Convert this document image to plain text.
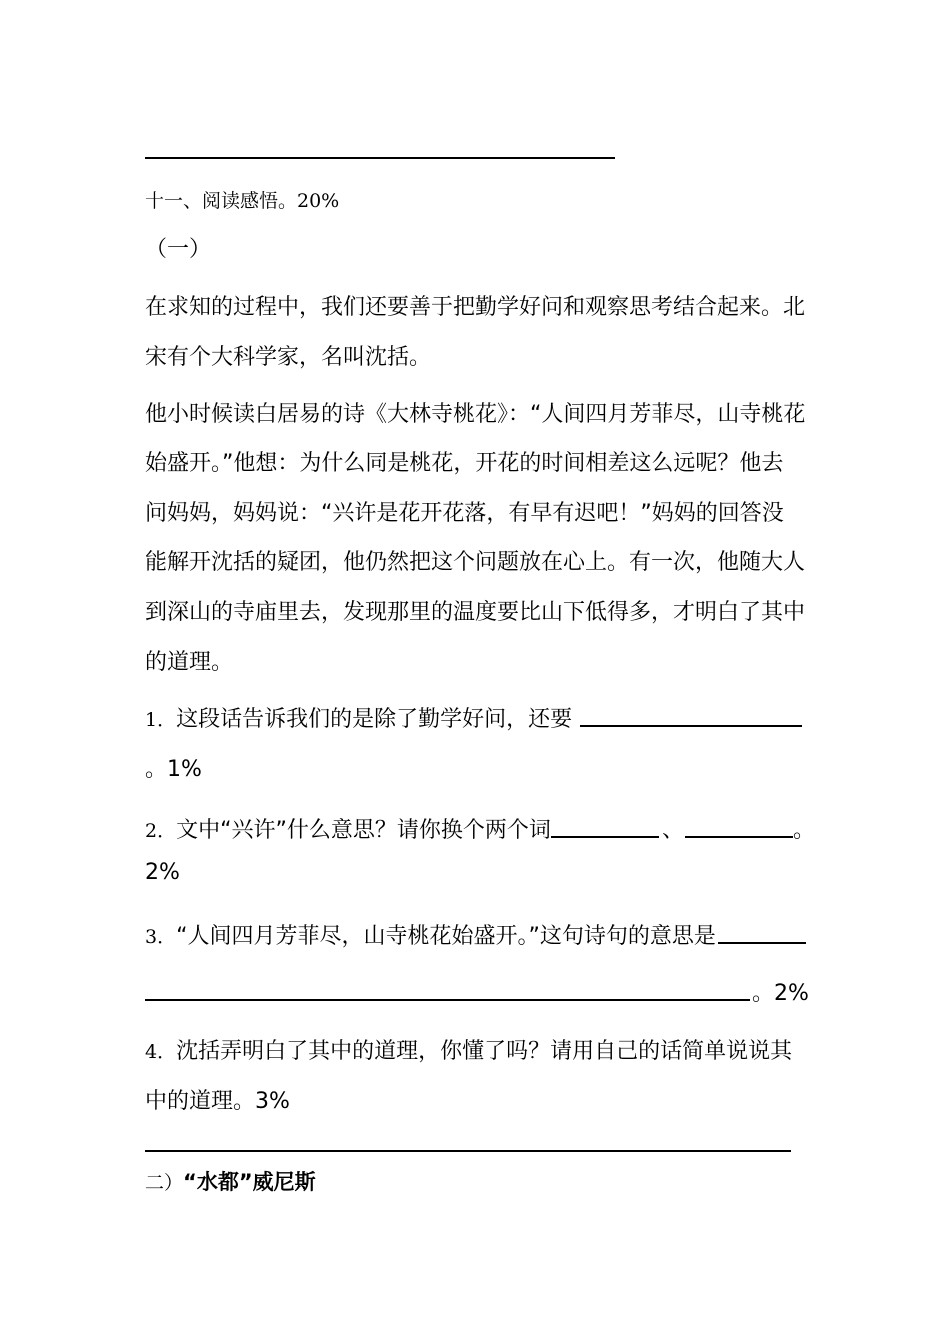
十一、阅读感悟。20%
（一）
在求知的过程中，我们还要善于把勤学好问和观察思考结合起来。北
宋有个大科学家，名叫沈括。
他小时候读白居易的诗《大林寺桃花》：“人间四月芳菲尽，山寺桃花
始盛开。”他想：为什么同是桃花，开花的时间相差这么远呢？他去
问妈妈，妈妈说：“兴许是花开花落，有早有迟吧！”妈妈的回答没
能解开沈括的疑团，他仍然把这个问题放在心上。有一次，他随大人
到深山的寺庙里去，发现那里的温度要比山下低得多，才明白了其中
的道理。
1．这段话告诉我们的是除了勤学好问，还要
。1%
2．文中“兴许”什么意思？请你换个两个词	、	。
2%
3．“人间四月芳菲尽，山寺桃花始盛开。”这句诗句的意思是
。2%
4．沈括弄明白了其中的道理，你懂了吗？请用自己的话简单说说其
中的道理。3%
二）“水都”威尼斯
